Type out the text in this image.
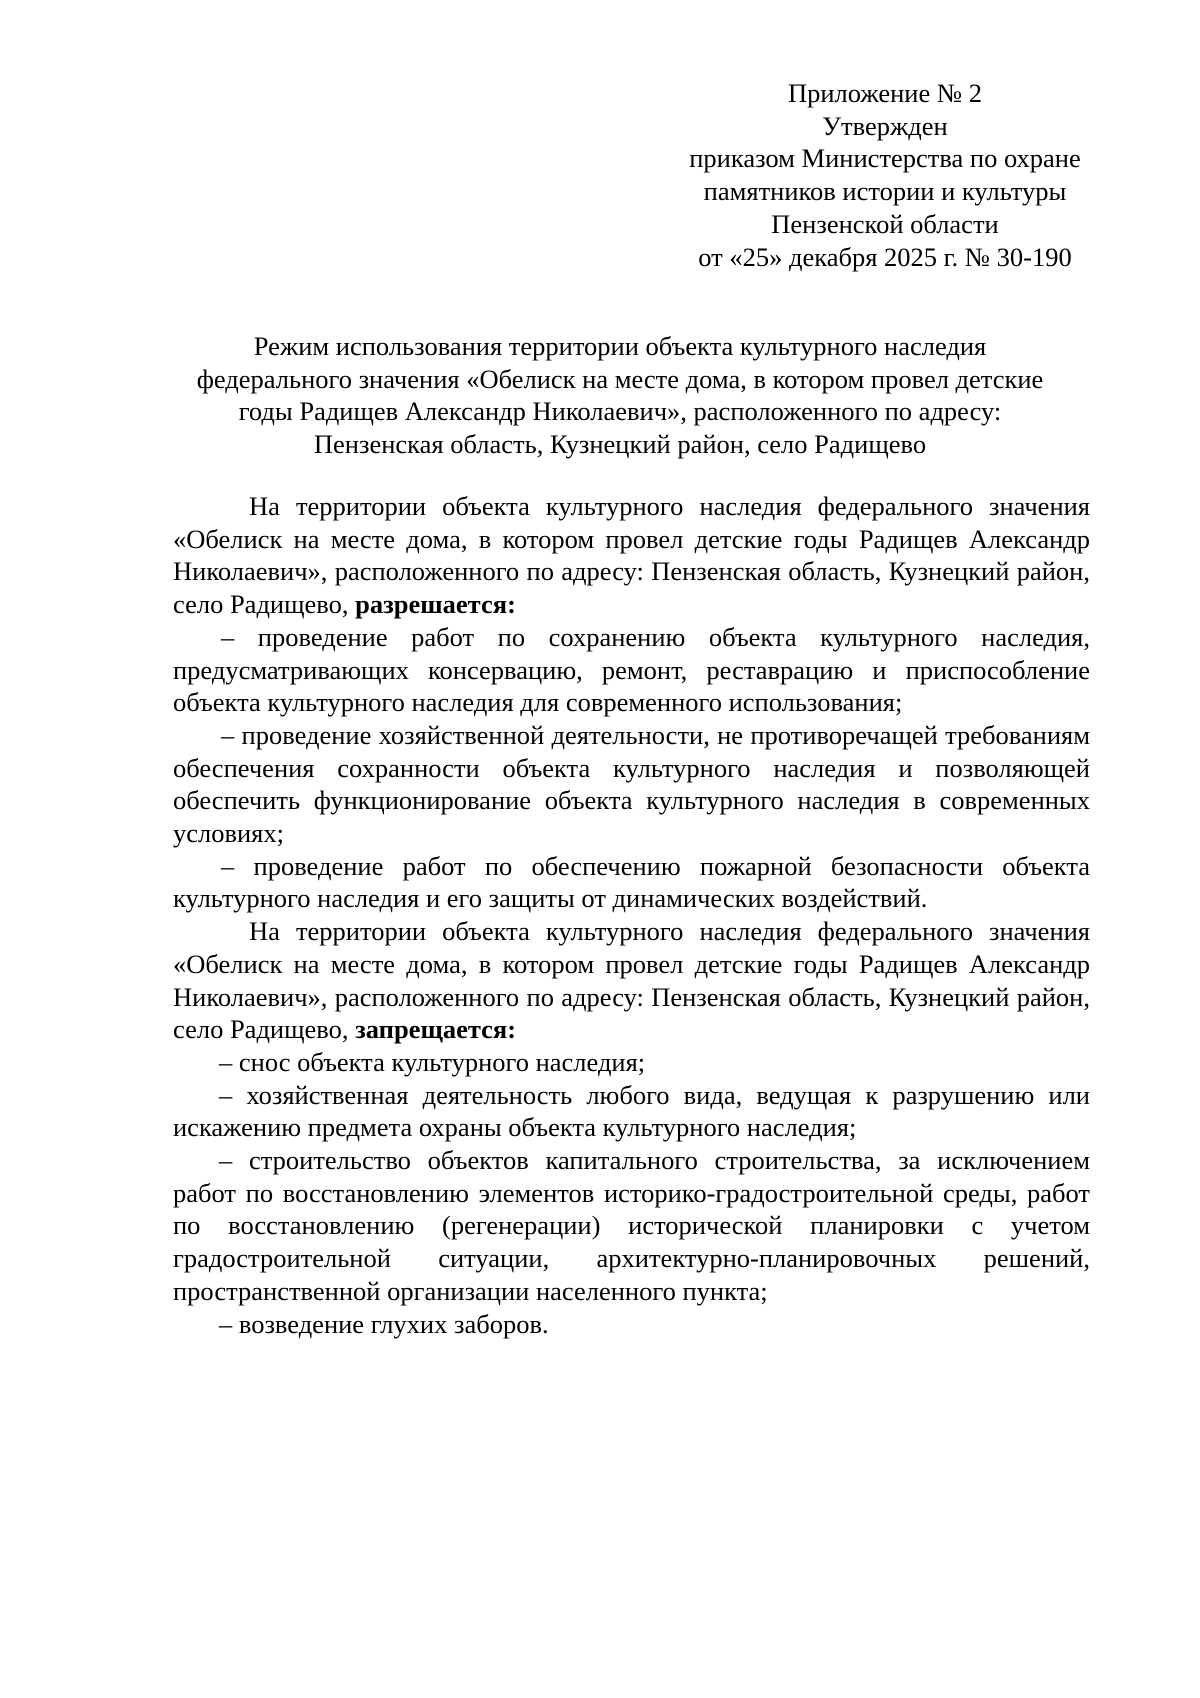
Приложение № 2
Утвержден
приказом Министерства по охране
памятников истории и культуры
Пензенской области
от «25» декабря 2025 г. № 30-190
Режим использования территории объекта культурного наследия
федерального значения «Обелиск на месте дома, в котором провел детские
годы Радищев Александр Николаевич», расположенного по адресу:
Пензенская область, Кузнецкий район, село Радищево

На территории объекта культурного наследия федерального значения «Обелиск на месте дома, в котором провел детские годы Радищев Александр Николаевич», расположенного по адресу: Пензенская область, Кузнецкий район, село Радищево, разрешается:

– проведение работ по сохранению объекта культурного наследия, предусматривающих консервацию, ремонт, реставрацию и приспособление объекта культурного наследия для современного использования;

– проведение хозяйственной деятельности, не противоречащей требованиям обеспечения сохранности объекта культурного наследия и позволяющей обеспечить функционирование объекта культурного наследия в современных условиях;

– проведение работ по обеспечению пожарной безопасности объекта культурного наследия и его защиты от динамических воздействий.

На территории объекта культурного наследия федерального значения «Обелиск на месте дома, в котором провел детские годы Радищев Александр Николаевич», расположенного по адресу: Пензенская область, Кузнецкий район, село Радищево, запрещается:

– снос объекта культурного наследия;

– хозяйственная деятельность любого вида, ведущая к разрушению или искажению предмета охраны объекта культурного наследия;

– строительство объектов капитального строительства, за исключением работ по восстановлению элементов историко-градостроительной среды, работ по восстановлению (регенерации) исторической планировки с учетом градостроительной ситуации, архитектурно-планировочных решений, пространственной организации населенного пункта;

– возведение глухих заборов.
